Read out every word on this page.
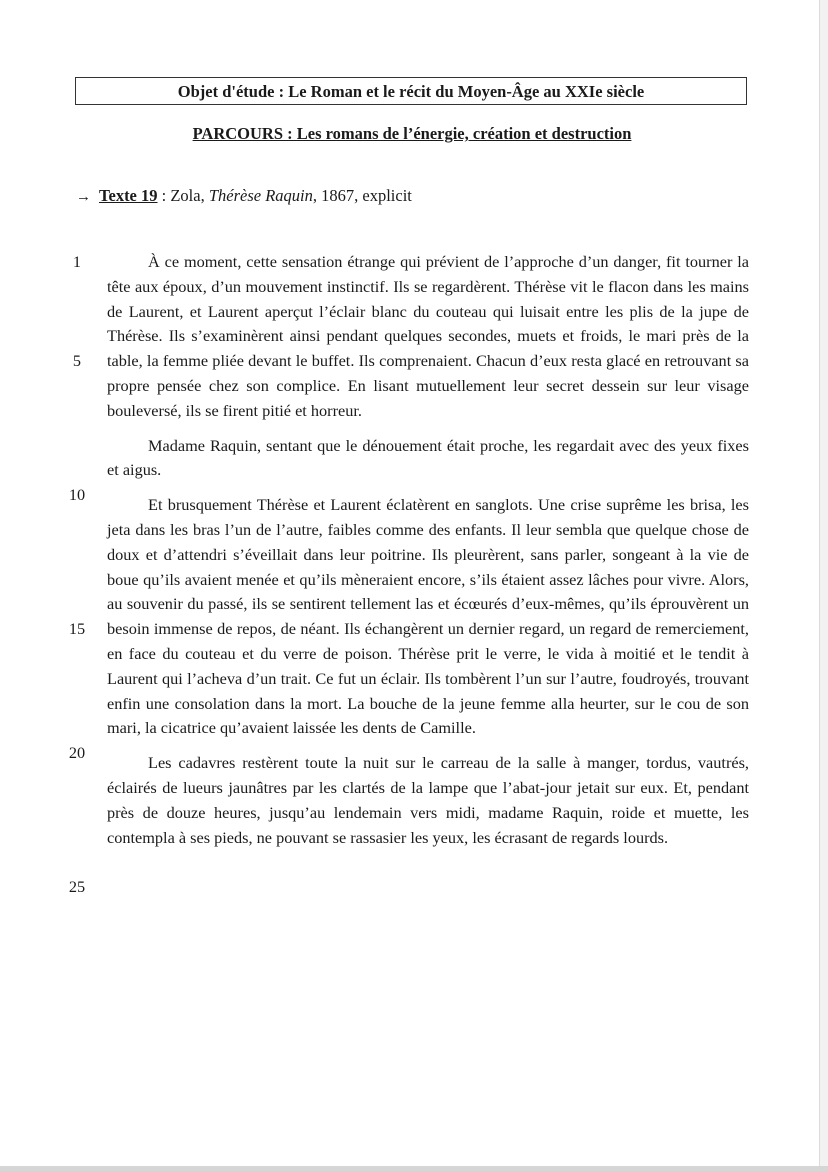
Objet d'étude : Le Roman et le récit du Moyen-Âge au XXIe siècle
PARCOURS : Les romans de l’énergie, création et destruction
→ Texte 19 : Zola, Thérèse Raquin, 1867, explicit
1
5
10
15
20
25

À ce moment, cette sensation étrange qui prévient de l’approche d’un danger, fit tourner la tête aux époux, d’un mouvement instinctif. Ils se regardèrent. Thérèse vit le flacon dans les mains de Laurent, et Laurent aperçut l’éclair blanc du couteau qui luisait entre les plis de la jupe de Thérèse. Ils s’examinèrent ainsi pendant quelques secondes, muets et froids, le mari près de la table, la femme pliée devant le buffet. Ils comprenaient. Chacun d’eux resta glacé en retrouvant sa propre pensée chez son complice. En lisant mutuellement leur secret dessein sur leur visage bouleversé, ils se firent pitié et horreur.

Madame Raquin, sentant que le dénouement était proche, les regardait avec des yeux fixes et aigus.

Et brusquement Thérèse et Laurent éclatèrent en sanglots. Une crise suprême les brisa, les jeta dans les bras l’un de l’autre, faibles comme des enfants. Il leur sembla que quelque chose de doux et d’attendri s’éveillait dans leur poitrine. Ils pleurèrent, sans parler, songeant à la vie de boue qu’ils avaient menée et qu’ils mèneraient encore, s’ils étaient assez lâches pour vivre. Alors, au souvenir du passé, ils se sentirent tellement las et écœurés d’eux-mêmes, qu’ils éprouvèrent un besoin immense de repos, de néant. Ils échangèrent un dernier regard, un regard de remerciement, en face du couteau et du verre de poison. Thérèse prit le verre, le vida à moitié et le tendit à Laurent qui l’acheva d’un trait. Ce fut un éclair. Ils tombèrent l’un sur l’autre, foudroyés, trouvant enfin une consolation dans la mort. La bouche de la jeune femme alla heurter, sur le cou de son mari, la cicatrice qu’avaient laissée les dents de Camille.

Les cadavres restèrent toute la nuit sur le carreau de la salle à manger, tordus, vautrés, éclairés de lueurs jaunâtres par les clartés de la lampe que l’abat-jour jetait sur eux. Et, pendant près de douze heures, jusqu’au lendemain vers midi, madame Raquin, roide et muette, les contempla à ses pieds, ne pouvant se rassasier les yeux, les écrasant de regards lourds.
